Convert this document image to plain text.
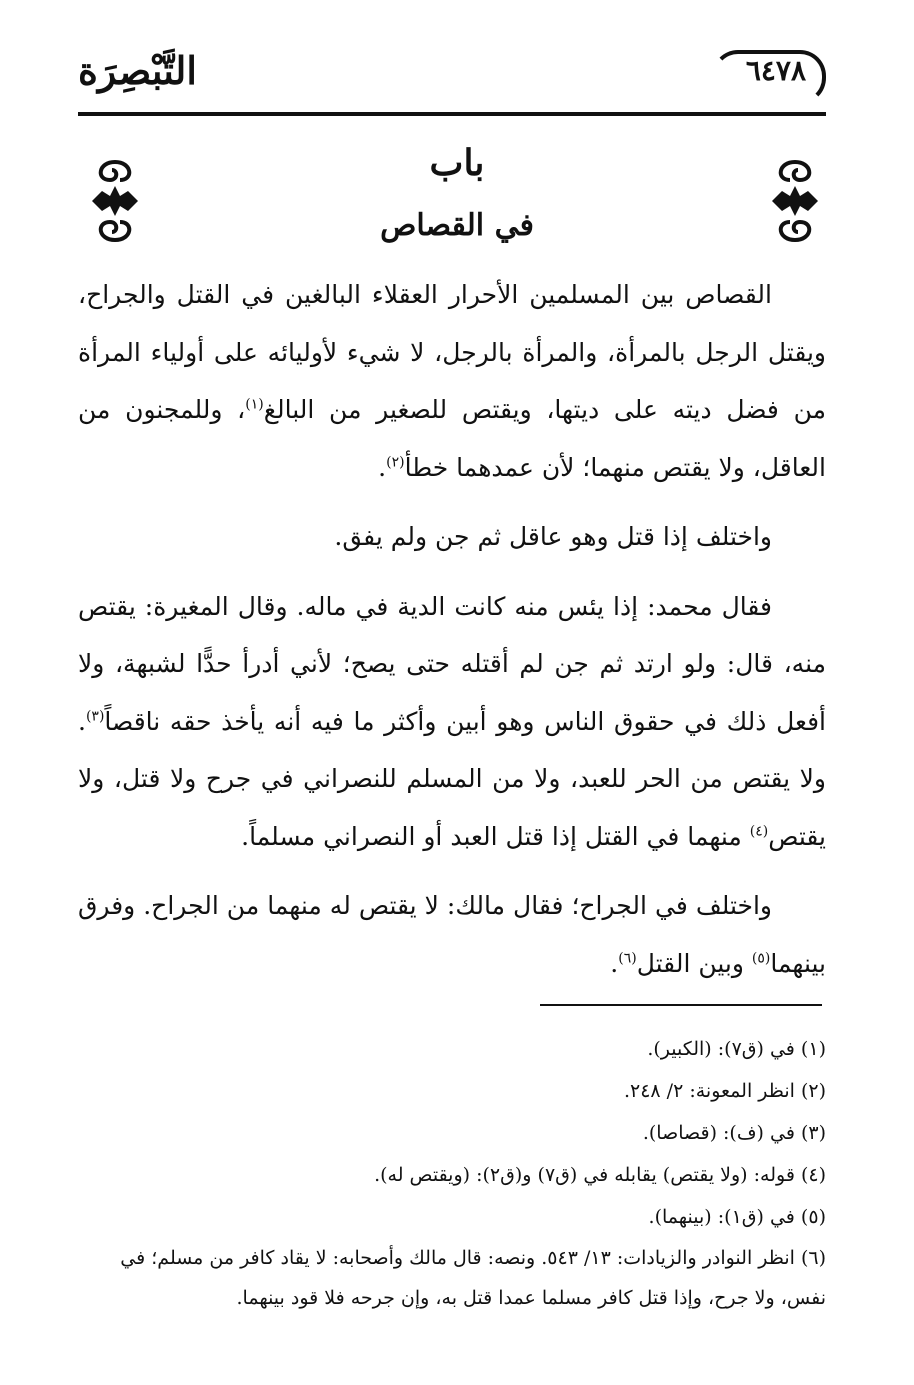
التَّبْصِرَة	٦٤٧٨
باب
في القصاص

القصاص بين المسلمين الأحرار العقلاء البالغين في القتل والجراح، ويقتل الرجل بالمرأة، والمرأة بالرجل، لا شيء لأوليائه على أولياء المرأة من فضل ديته على ديتها، ويقتص للصغير من البالغ$^{(١)}$، وللمجنون من العاقل، ولا يقتص منهما؛ لأن عمدهما خطأ$^{(٢)}$.

واختلف إذا قتل وهو عاقل ثم جن ولم يفق.

فقال محمد: إذا يئس منه كانت الدية في ماله. وقال المغيرة: يقتص منه، قال: ولو ارتد ثم جن لم أقتله حتى يصح؛ لأني أدرأ حدًّا لشبهة، ولا أفعل ذلك في حقوق الناس وهو أبين وأكثر ما فيه أنه يأخذ حقه ناقصاً$^{(٣)}$. ولا يقتص من الحر للعبد، ولا من المسلم للنصراني في جرح ولا قتل، ولا يقتص$^{(٤)}$ منهما في القتل إذا قتل العبد أو النصراني مسلماً.

واختلف في الجراح؛ فقال مالك: لا يقتص له منهما من الجراح. وفرق بينهما$^{(٥)}$ وبين القتل$^{(٦)}$.

(١) في (ق٧): (الكبير).

(٢) انظر المعونة: ٢/ ٢٤٨.

(٣) في (ف): (قصاصا).

(٤) قوله: (ولا يقتص) يقابله في (ق٧) و(ق٢): (ويقتص له).

(٥) في (ق١): (بينهما).

(٦) انظر النوادر والزيادات: ١٣/ ٥٤٣. ونصه: قال مالك وأصحابه: لا يقاد كافر من مسلم؛ في نفس، ولا جرح، وإذا قتل كافر مسلما عمدا قتل به، وإن جرحه فلا قود بينهما.
